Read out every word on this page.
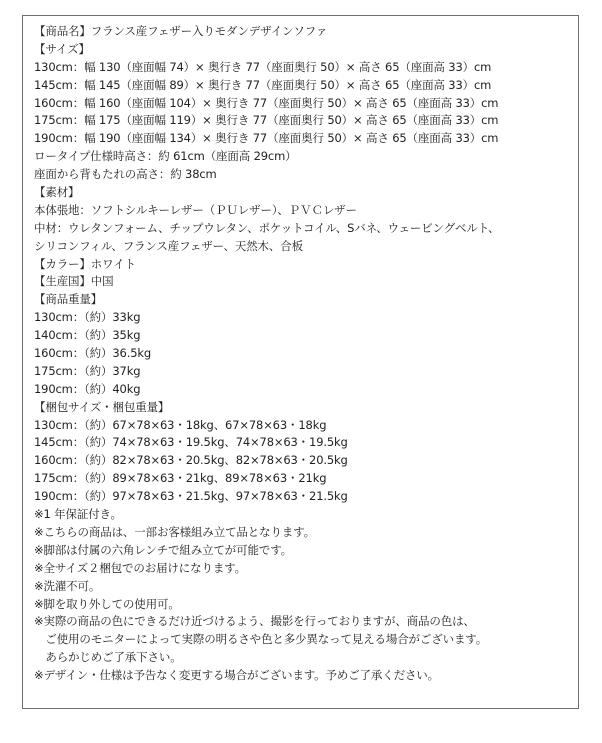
【商品名】フランス産フェザー入りモダンデザインソファ
【サイズ】
130cm：幅 130（座面幅 74）× 奥行き 77（座面奥行 50）× 高さ 65（座面高 33）cm
145cm：幅 145（座面幅 89）× 奥行き 77（座面奥行 50）× 高さ 65（座面高 33）cm
160cm：幅 160（座面幅 104）× 奥行き 77（座面奥行 50）× 高さ 65（座面高 33）cm
175cm：幅 175（座面幅 119）× 奥行き 77（座面奥行 50）× 高さ 65（座面高 33）cm
190cm：幅 190（座面幅 134）× 奥行き 77（座面奥行 50）× 高さ 65（座面高 33）cm
ロータイプ仕様時高さ：約 61cm（座面高 29cm）
座面から背もたれの高さ：約 38cm
【素材】
本体張地：ソフトシルキーレザー（ＰＵレザー）、ＰＶＣレザー
中材：ウレタンフォーム、チップウレタン、ポケットコイル、Sバネ、ウェービングベルト、
シリコンフィル、フランス産フェザー、天然木、合板
【カラー】ホワイト
【生産国】中国
【商品重量】
130cm：（約）33kg
140cm：（約）35kg
160cm：（約）36.5kg
175cm：（約）37kg
190cm：（約）40kg
【梱包サイズ・梱包重量】
130cm：（約）67×78×63・18kg、67×78×63・18kg
145cm：（約）74×78×63・19.5kg、74×78×63・19.5kg
160cm：（約）82×78×63・20.5kg、82×78×63・20.5kg
175cm：（約）89×78×63・21kg、89×78×63・21kg
190cm：（約）97×78×63・21.5kg、97×78×63・21.5kg
※1 年保証付き。
※こちらの商品は、一部お客様組み立て品となります。
※脚部は付属の六角レンチで組み立てが可能です。
※全サイズ２梱包でのお届けになります。
※洗濯不可。
※脚を取り外しての使用可。
※実際の商品の色にできるだけ近づけるよう、撮影を行っておりますが、商品の色は、
　ご使用のモニターによって実際の明るさや色と多少異なって見える場合がございます。
　あらかじめご了承下さい。
※デザイン・仕様は予告なく変更する場合がございます。予めご了承ください。
